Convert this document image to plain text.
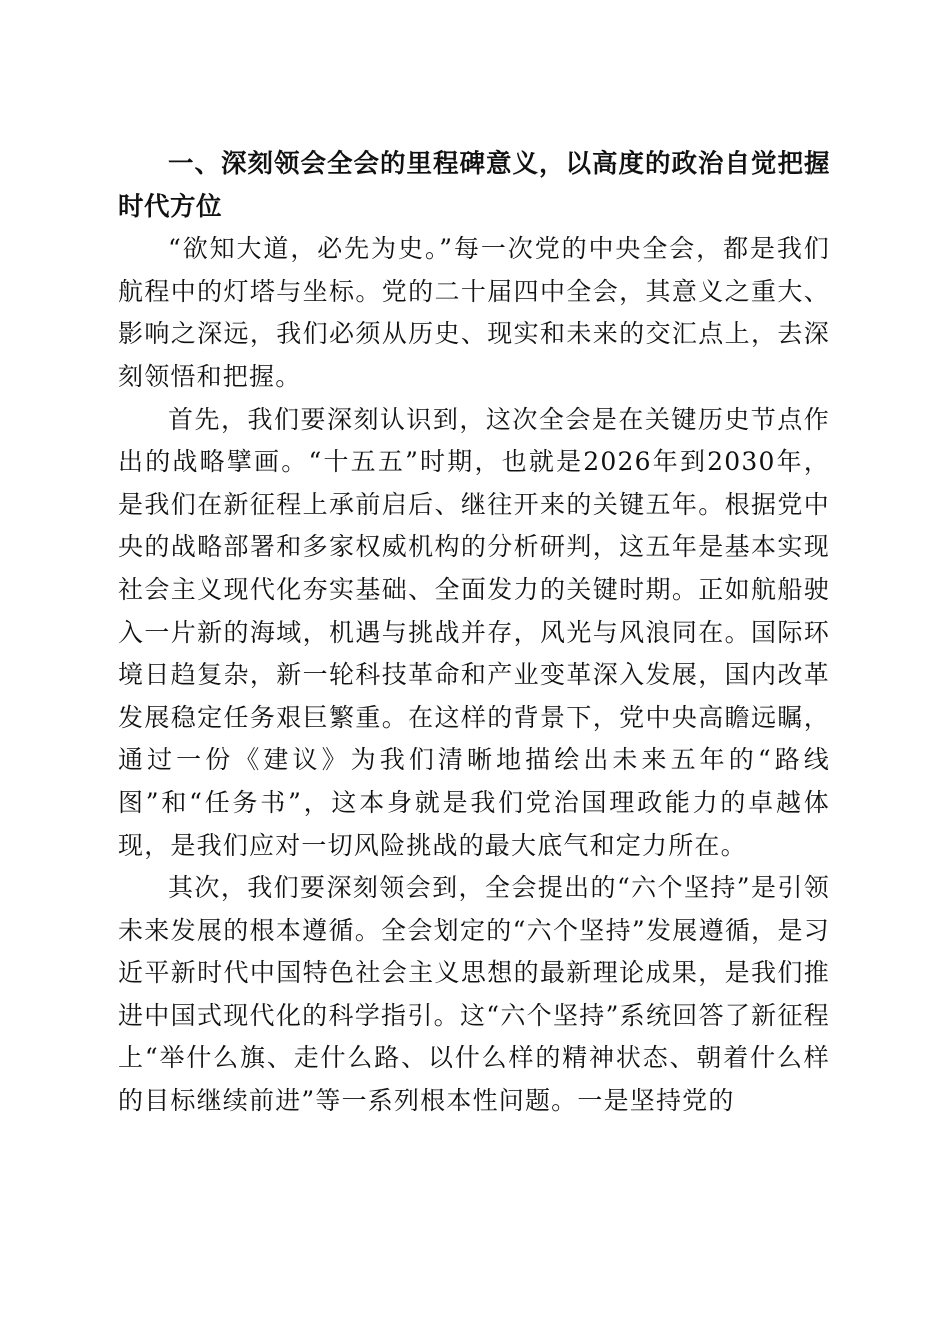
一、深刻领会全会的里程碑意义，以高度的政治自觉把握时代方位

“欲知大道，必先为史。”每一次党的中央全会，都是我们航程中的灯塔与坐标。党的二十届四中全会，其意义之重大、影响之深远，我们必须从历史、现实和未来的交汇点上，去深刻领悟和把握。

首先，我们要深刻认识到，这次全会是在关键历史节点作出的战略擘画。“十五五”时期，也就是2026年到2030年，是我们在新征程上承前启后、继往开来的关键五年。根据党中央的战略部署和多家权威机构的分析研判，这五年是基本实现社会主义现代化夯实基础、全面发力的关键时期。正如航船驶入一片新的海域，机遇与挑战并存，风光与风浪同在。国际环境日趋复杂，新一轮科技革命和产业变革深入发展，国内改革发展稳定任务艰巨繁重。在这样的背景下，党中央高瞻远瞩，通过一份《建议》为我们清晰地描绘出未来五年的“路线图”和“任务书”，这本身就是我们党治国理政能力的卓越体现，是我们应对一切风险挑战的最大底气和定力所在。

其次，我们要深刻领会到，全会提出的“六个坚持”是引领未来发展的根本遵循。全会划定的“六个坚持”发展遵循，是习近平新时代中国特色社会主义思想的最新理论成果，是我们推进中国式现代化的科学指引。这“六个坚持”系统回答了新征程上“举什么旗、走什么路、以什么样的精神状态、朝着什么样的目标继续前进”等一系列根本性问题。一是坚持党的
